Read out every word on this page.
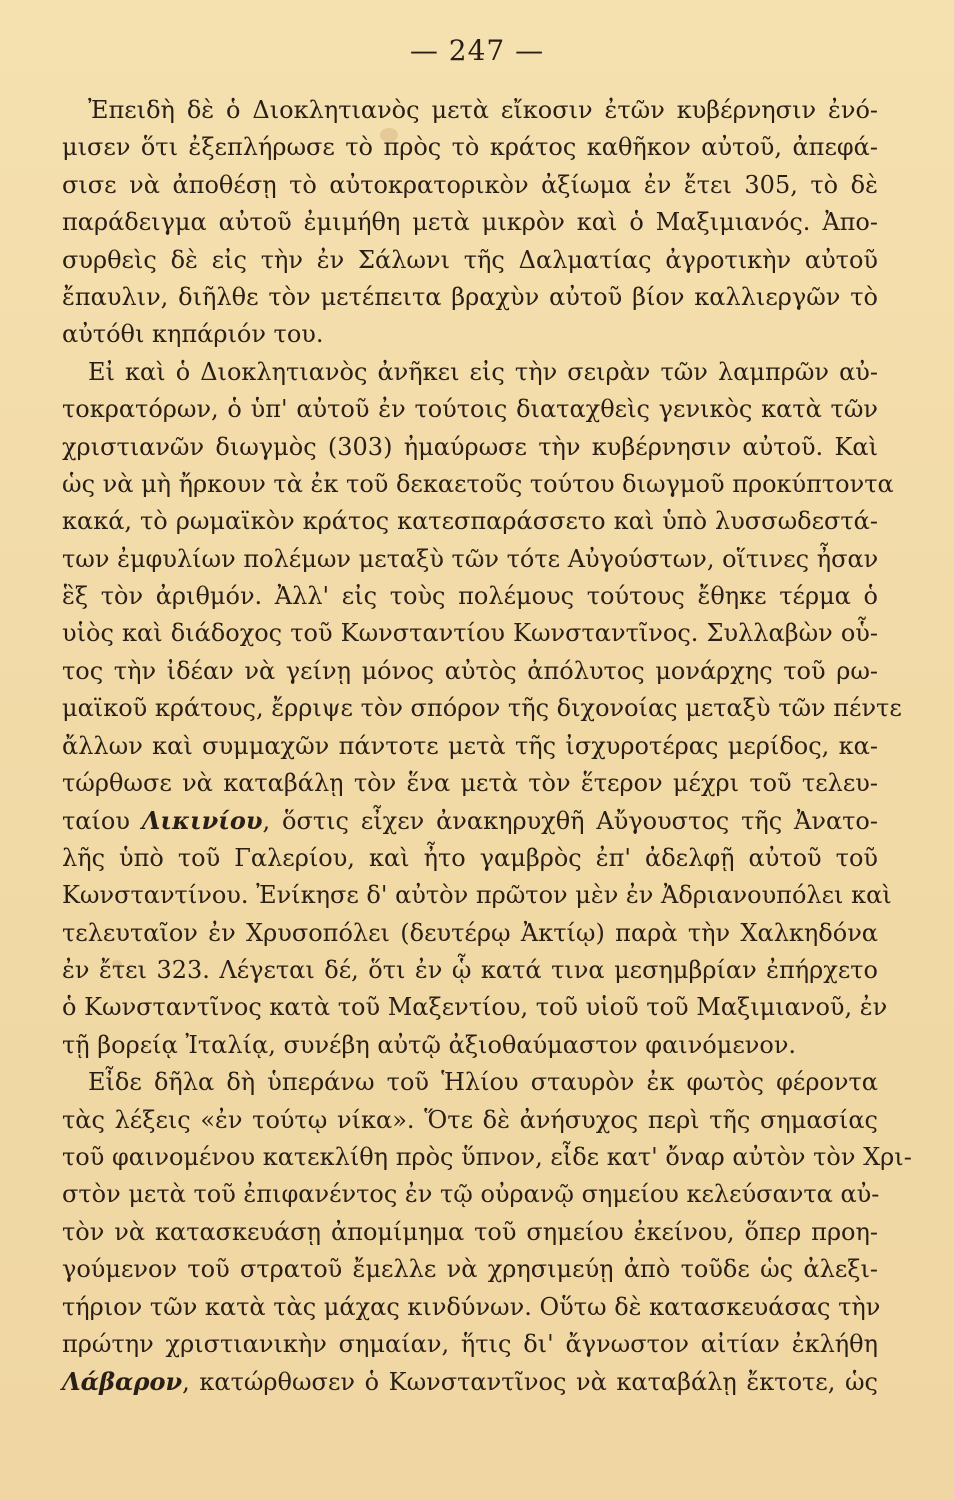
— 247 —
Ἐπειδὴ δὲ ὁ Διοκλητιανὸς μετὰ εἴκοσιν ἐτῶν κυβέρνησιν ἐνό-
μισεν ὅτι ἐξεπλήρωσε τὸ πρὸς τὸ κράτος καθῆκον αὐτοῦ, ἀπεφά-
σισε νὰ ἀποθέσῃ τὸ αὐτοκρατορικὸν ἀξίωμα ἐν ἔτει 305, τὸ δὲ
παράδειγμα αὐτοῦ ἐμιμήθη μετὰ μικρὸν καὶ ὁ Μαξιμιανός. Ἀπο-
συρθεὶς δὲ εἰς τὴν ἐν Σάλωνι τῆς Δαλματίας ἀγροτικὴν αὐτοῦ
ἔπαυλιν, διῆλθε τὸν μετέπειτα βραχὺν αὐτοῦ βίον καλλιεργῶν τὸ
αὐτόθι κηπάριόν του.
Εἰ καὶ ὁ Διοκλητιανὸς ἀνῆκει εἰς τὴν σειρὰν τῶν λαμπρῶν αὐ-
τοκρατόρων, ὁ ὑπ' αὐτοῦ ἐν τούτοις διαταχθεὶς γενικὸς κατὰ τῶν
χριστιανῶν διωγμὸς (303) ἠμαύρωσε τὴν κυβέρνησιν αὐτοῦ. Καὶ
ὡς νὰ μὴ ἤρκουν τὰ ἐκ τοῦ δεκαετοῦς τούτου διωγμοῦ προκύπτοντα
κακά, τὸ ρωμαϊκὸν κράτος κατεσπαράσσετο καὶ ὑπὸ λυσσωδεστά-
των ἐμφυλίων πολέμων μεταξὺ τῶν τότε Αὐγούστων, οἵτινες ἦσαν
ἓξ τὸν ἀριθμόν. Ἀλλ' εἰς τοὺς πολέμους τούτους ἔθηκε τέρμα ὁ
υἱὸς καὶ διάδοχος τοῦ Κωνσταντίου Κωνσταντῖνος. Συλλαβὼν οὗ-
τος τὴν ἰδέαν νὰ γείνῃ μόνος αὐτὸς ἀπόλυτος μονάρχης τοῦ ρω-
μαϊκοῦ κράτους, ἔρριψε τὸν σπόρον τῆς διχονοίας μεταξὺ τῶν πέντε
ἄλλων καὶ συμμαχῶν πάντοτε μετὰ τῆς ἰσχυροτέρας μερίδος, κα-
τώρθωσε νὰ καταβάλῃ τὸν ἕνα μετὰ τὸν ἕτερον μέχρι τοῦ τελευ-
ταίου Λικινίου, ὅστις εἶχεν ἀνακηρυχθῆ Αὔγουστος τῆς Ἀνατο-
λῆς ὑπὸ τοῦ Γαλερίου, καὶ ἦτο γαμβρὸς ἐπ' ἀδελφῇ αὐτοῦ τοῦ
Κωνσταντίνου. Ἐνίκησε δ' αὐτὸν πρῶτον μὲν ἐν Ἀδριανουπόλει καὶ
τελευταῖον ἐν Χρυσοπόλει (δευτέρῳ Ἀκτίῳ) παρὰ τὴν Χαλκηδόνα
ἐν ἔτει 323. Λέγεται δέ, ὅτι ἐν ᾧ κατά τινα μεσημβρίαν ἐπήρχετο
ὁ Κωνσταντῖνος κατὰ τοῦ Μαξεντίου, τοῦ υἱοῦ τοῦ Μαξιμιανοῦ, ἐν
τῇ βορείᾳ Ἰταλίᾳ, συνέβη αὐτῷ ἀξιοθαύμαστον φαινόμενον.
Εἶδε δῆλα δὴ ὑπεράνω τοῦ Ἡλίου σταυρὸν ἐκ φωτὸς φέροντα
τὰς λέξεις «ἐν τούτῳ νίκα». Ὅτε δὲ ἀνήσυχος περὶ τῆς σημασίας
τοῦ φαινομένου κατεκλίθη πρὸς ὕπνον, εἶδε κατ' ὄναρ αὐτὸν τὸν Χρι-
στὸν μετὰ τοῦ ἐπιφανέντος ἐν τῷ οὐρανῷ σημείου κελεύσαντα αὐ-
τὸν νὰ κατασκευάσῃ ἀπομίμημα τοῦ σημείου ἐκείνου, ὅπερ προη-
γούμενον τοῦ στρατοῦ ἔμελλε νὰ χρησιμεύῃ ἀπὸ τοῦδε ὡς ἀλεξι-
τήριον τῶν κατὰ τὰς μάχας κινδύνων. Οὕτω δὲ κατασκευάσας τὴν
πρώτην χριστιανικὴν σημαίαν, ἥτις δι' ἄγνωστον αἰτίαν ἐκλήθη
Λάβαρον, κατώρθωσεν ὁ Κωνσταντῖνος νὰ καταβάλῃ ἔκτοτε, ὡς
